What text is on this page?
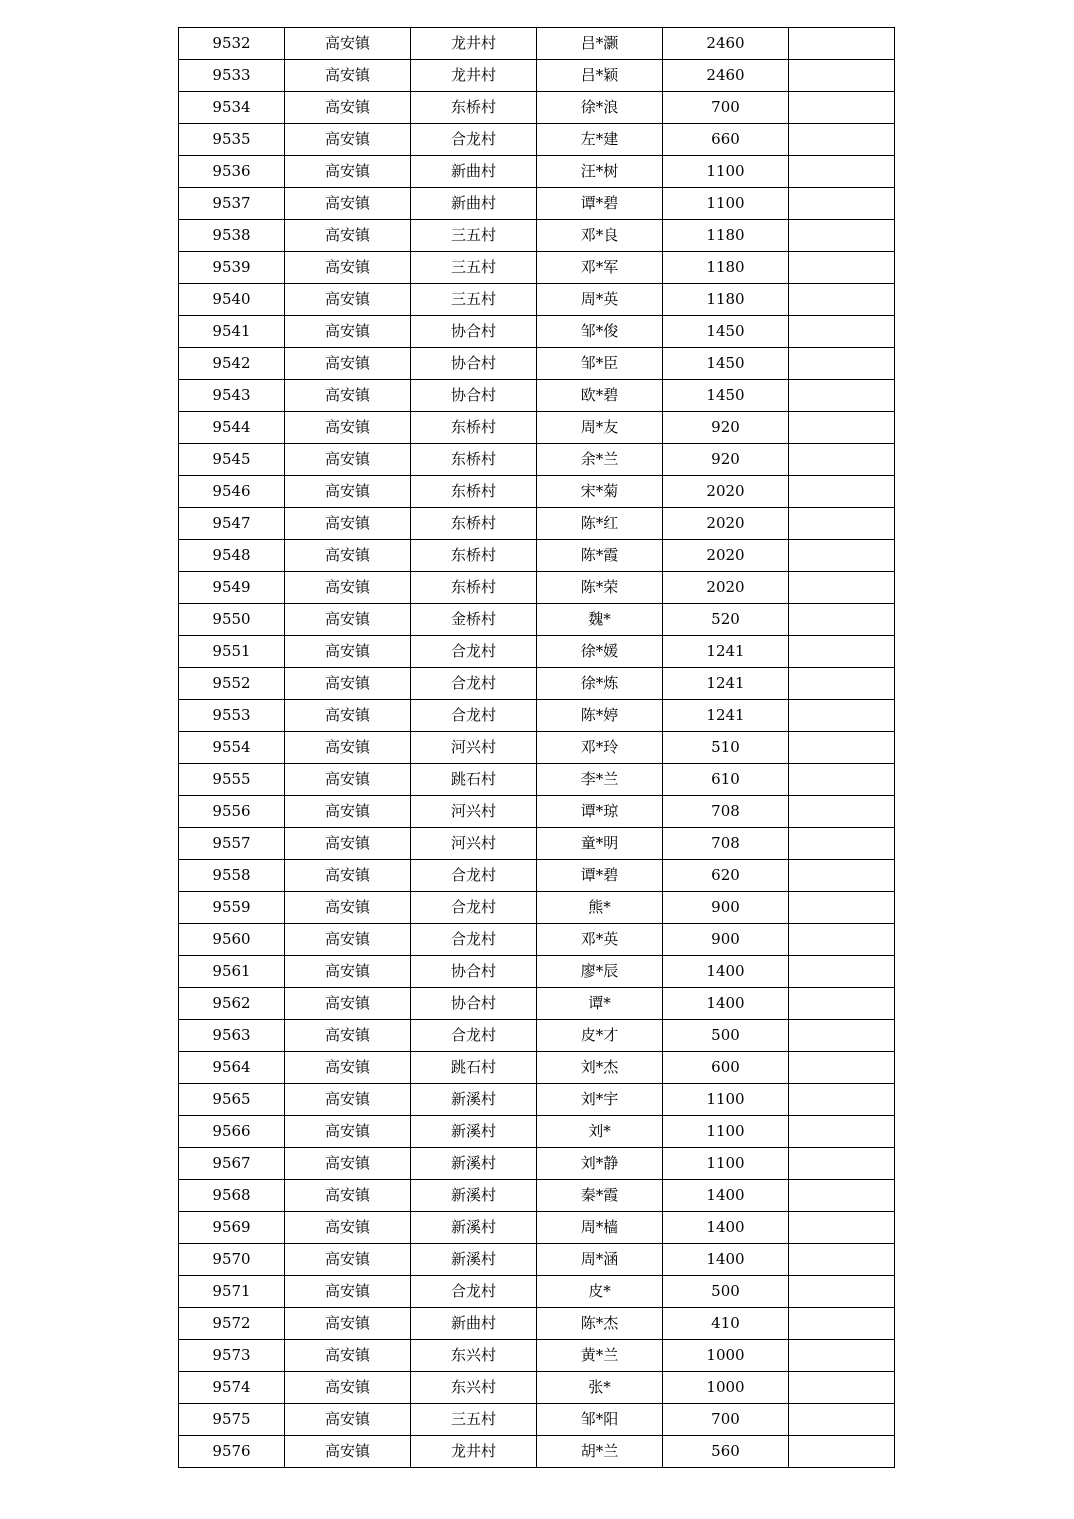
9532	高安镇	龙井村	吕*灏	2460	
9533	高安镇	龙井村	吕*颖	2460	
9534	高安镇	东桥村	徐*浪	700	
9535	高安镇	合龙村	左*建	660	
9536	高安镇	新曲村	汪*树	1100	
9537	高安镇	新曲村	谭*碧	1100	
9538	高安镇	三五村	邓*良	1180	
9539	高安镇	三五村	邓*军	1180	
9540	高安镇	三五村	周*英	1180	
9541	高安镇	协合村	邹*俊	1450	
9542	高安镇	协合村	邹*臣	1450	
9543	高安镇	协合村	欧*碧	1450	
9544	高安镇	东桥村	周*友	920	
9545	高安镇	东桥村	余*兰	920	
9546	高安镇	东桥村	宋*菊	2020	
9547	高安镇	东桥村	陈*红	2020	
9548	高安镇	东桥村	陈*霞	2020	
9549	高安镇	东桥村	陈*荣	2020	
9550	高安镇	金桥村	魏*	520	
9551	高安镇	合龙村	徐*媛	1241	
9552	高安镇	合龙村	徐*炼	1241	
9553	高安镇	合龙村	陈*婷	1241	
9554	高安镇	河兴村	邓*玲	510	
9555	高安镇	跳石村	李*兰	610	
9556	高安镇	河兴村	谭*琼	708	
9557	高安镇	河兴村	童*明	708	
9558	高安镇	合龙村	谭*碧	620	
9559	高安镇	合龙村	熊*	900	
9560	高安镇	合龙村	邓*英	900	
9561	高安镇	协合村	廖*辰	1400	
9562	高安镇	协合村	谭*	1400	
9563	高安镇	合龙村	皮*才	500	
9564	高安镇	跳石村	刘*杰	600	
9565	高安镇	新溪村	刘*宇	1100	
9566	高安镇	新溪村	刘*	1100	
9567	高安镇	新溪村	刘*静	1100	
9568	高安镇	新溪村	秦*霞	1400	
9569	高安镇	新溪村	周*樯	1400	
9570	高安镇	新溪村	周*涵	1400	
9571	高安镇	合龙村	皮*	500	
9572	高安镇	新曲村	陈*杰	410	
9573	高安镇	东兴村	黄*兰	1000	
9574	高安镇	东兴村	张*	1000	
9575	高安镇	三五村	邹*阳	700	
9576	高安镇	龙井村	胡*兰	560	
